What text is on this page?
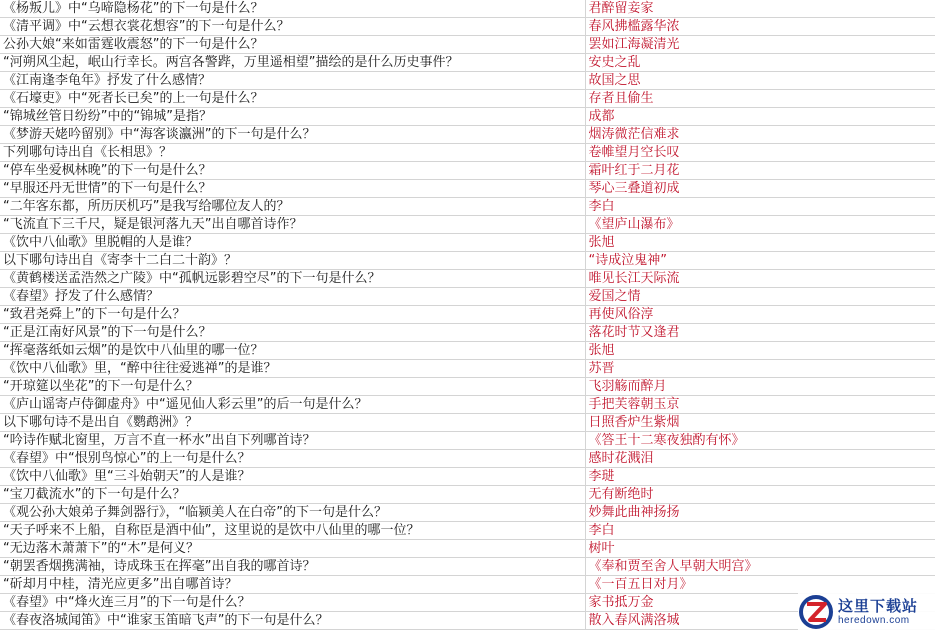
《杨叛儿》中“乌啼隐杨花”的下一句是什么？	君醉留妾家
《清平调》中“云想衣裳花想容”的下一句是什么？	春风拂槛露华浓
公孙大娘“来如雷霆收震怒”的下一句是什么？	罢如江海凝清光
“河朔风尘起，岷山行幸长。两宫各警跸，万里遥相望”描绘的是什么历史事件？	安史之乱
《江南逢李龟年》抒发了什么感情？	故国之思
《石壕吏》中“死者长已矣”的上一句是什么？	存者且偷生
“锦城丝管日纷纷”中的“锦城”是指？	成都
《梦游天姥吟留别》中“海客谈瀛洲”的下一句是什么？	烟涛微茫信难求
下列哪句诗出自《长相思》？	卷帷望月空长叹
“停车坐爱枫林晚”的下一句是什么？	霜叶红于二月花
“早服还丹无世情”的下一句是什么？	琴心三叠道初成
“二年客东都，所历厌机巧”是我写给哪位友人的？	李白
“飞流直下三千尺，疑是银河落九天”出自哪首诗作？	《望庐山瀑布》
《饮中八仙歌》里脱帽的人是谁？	张旭
以下哪句诗出自《寄李十二白二十韵》？	“诗成泣鬼神”
《黄鹤楼送孟浩然之广陵》中“孤帆远影碧空尽”的下一句是什么？	唯见长江天际流
《春望》抒发了什么感情？	爱国之情
“致君尧舜上”的下一句是什么？	再使风俗淳
“正是江南好风景”的下一句是什么？	落花时节又逢君
“挥毫落纸如云烟”的是饮中八仙里的哪一位？	张旭
《饮中八仙歌》里，“醉中往往爱逃禅”的是谁？	苏晋
“开琼筵以坐花”的下一句是什么？	飞羽觞而醉月
《庐山谣寄卢侍御虚舟》中“遥见仙人彩云里”的后一句是什么？	手把芙蓉朝玉京
以下哪句诗不是出自《鹦鹉洲》？	日照香炉生紫烟
“吟诗作赋北窗里，万言不直一杯水”出自下列哪首诗？	《答王十二寒夜独酌有怀》
《春望》中“恨别鸟惊心”的上一句是什么？	感时花溅泪
《饮中八仙歌》里“三斗始朝天”的人是谁？	李琎
“宝刀截流水”的下一句是什么？	无有断绝时
《观公孙大娘弟子舞剑器行》，“临颍美人在白帝”的下一句是什么？	妙舞此曲神扬扬
“天子呼来不上船，自称臣是酒中仙”，这里说的是饮中八仙里的哪一位？	李白
“无边落木萧萧下”的“木”是何义？	树叶
“朝罢香烟携满袖，诗成珠玉在挥毫”出自我的哪首诗？	《奉和贾至舍人早朝大明宫》
“斫却月中桂，清光应更多”出自哪首诗？	《一百五日对月》
《春望》中“烽火连三月”的下一句是什么？	家书抵万金
《春夜洛城闻笛》中“谁家玉笛暗飞声”的下一句是什么？	散入春风满洛城
这里下载站
heredown.com
